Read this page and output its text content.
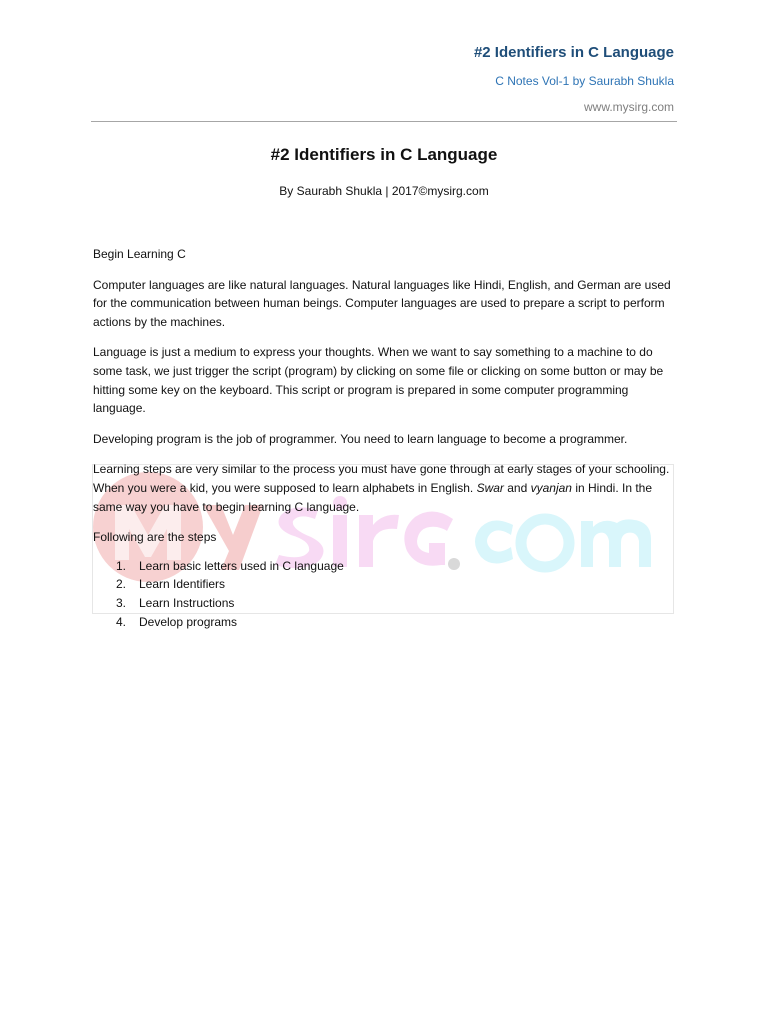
#2 Identifiers in C Language
C Notes Vol-1 by Saurabh Shukla
www.mysirg.com
#2 Identifiers in C Language
By Saurabh Shukla | 2017©mysirg.com

Begin Learning C

Computer languages are like natural languages. Natural languages like Hindi, English, and German are used for the communication between human beings. Computer languages are used to prepare a script to perform actions by the machines.

Language is just a medium to express your thoughts. When we want to say something to a machine to do some task, we just trigger the script (program) by clicking on some file or clicking on some button or may be hitting some key on the keyboard. This script or program is prepared in some computer programming language.

Developing program is the job of programmer. You need to learn language to become a programmer.

Learning steps are very similar to the process you must have gone through at early stages of your schooling. When you were a kid, you were supposed to learn alphabets in English. Swar and vyanjan in Hindi. In the same way you have to begin learning C language.

Following are the steps

1. Learn basic letters used in C language
2. Learn Identifiers
3. Learn Instructions
4. Develop programs
